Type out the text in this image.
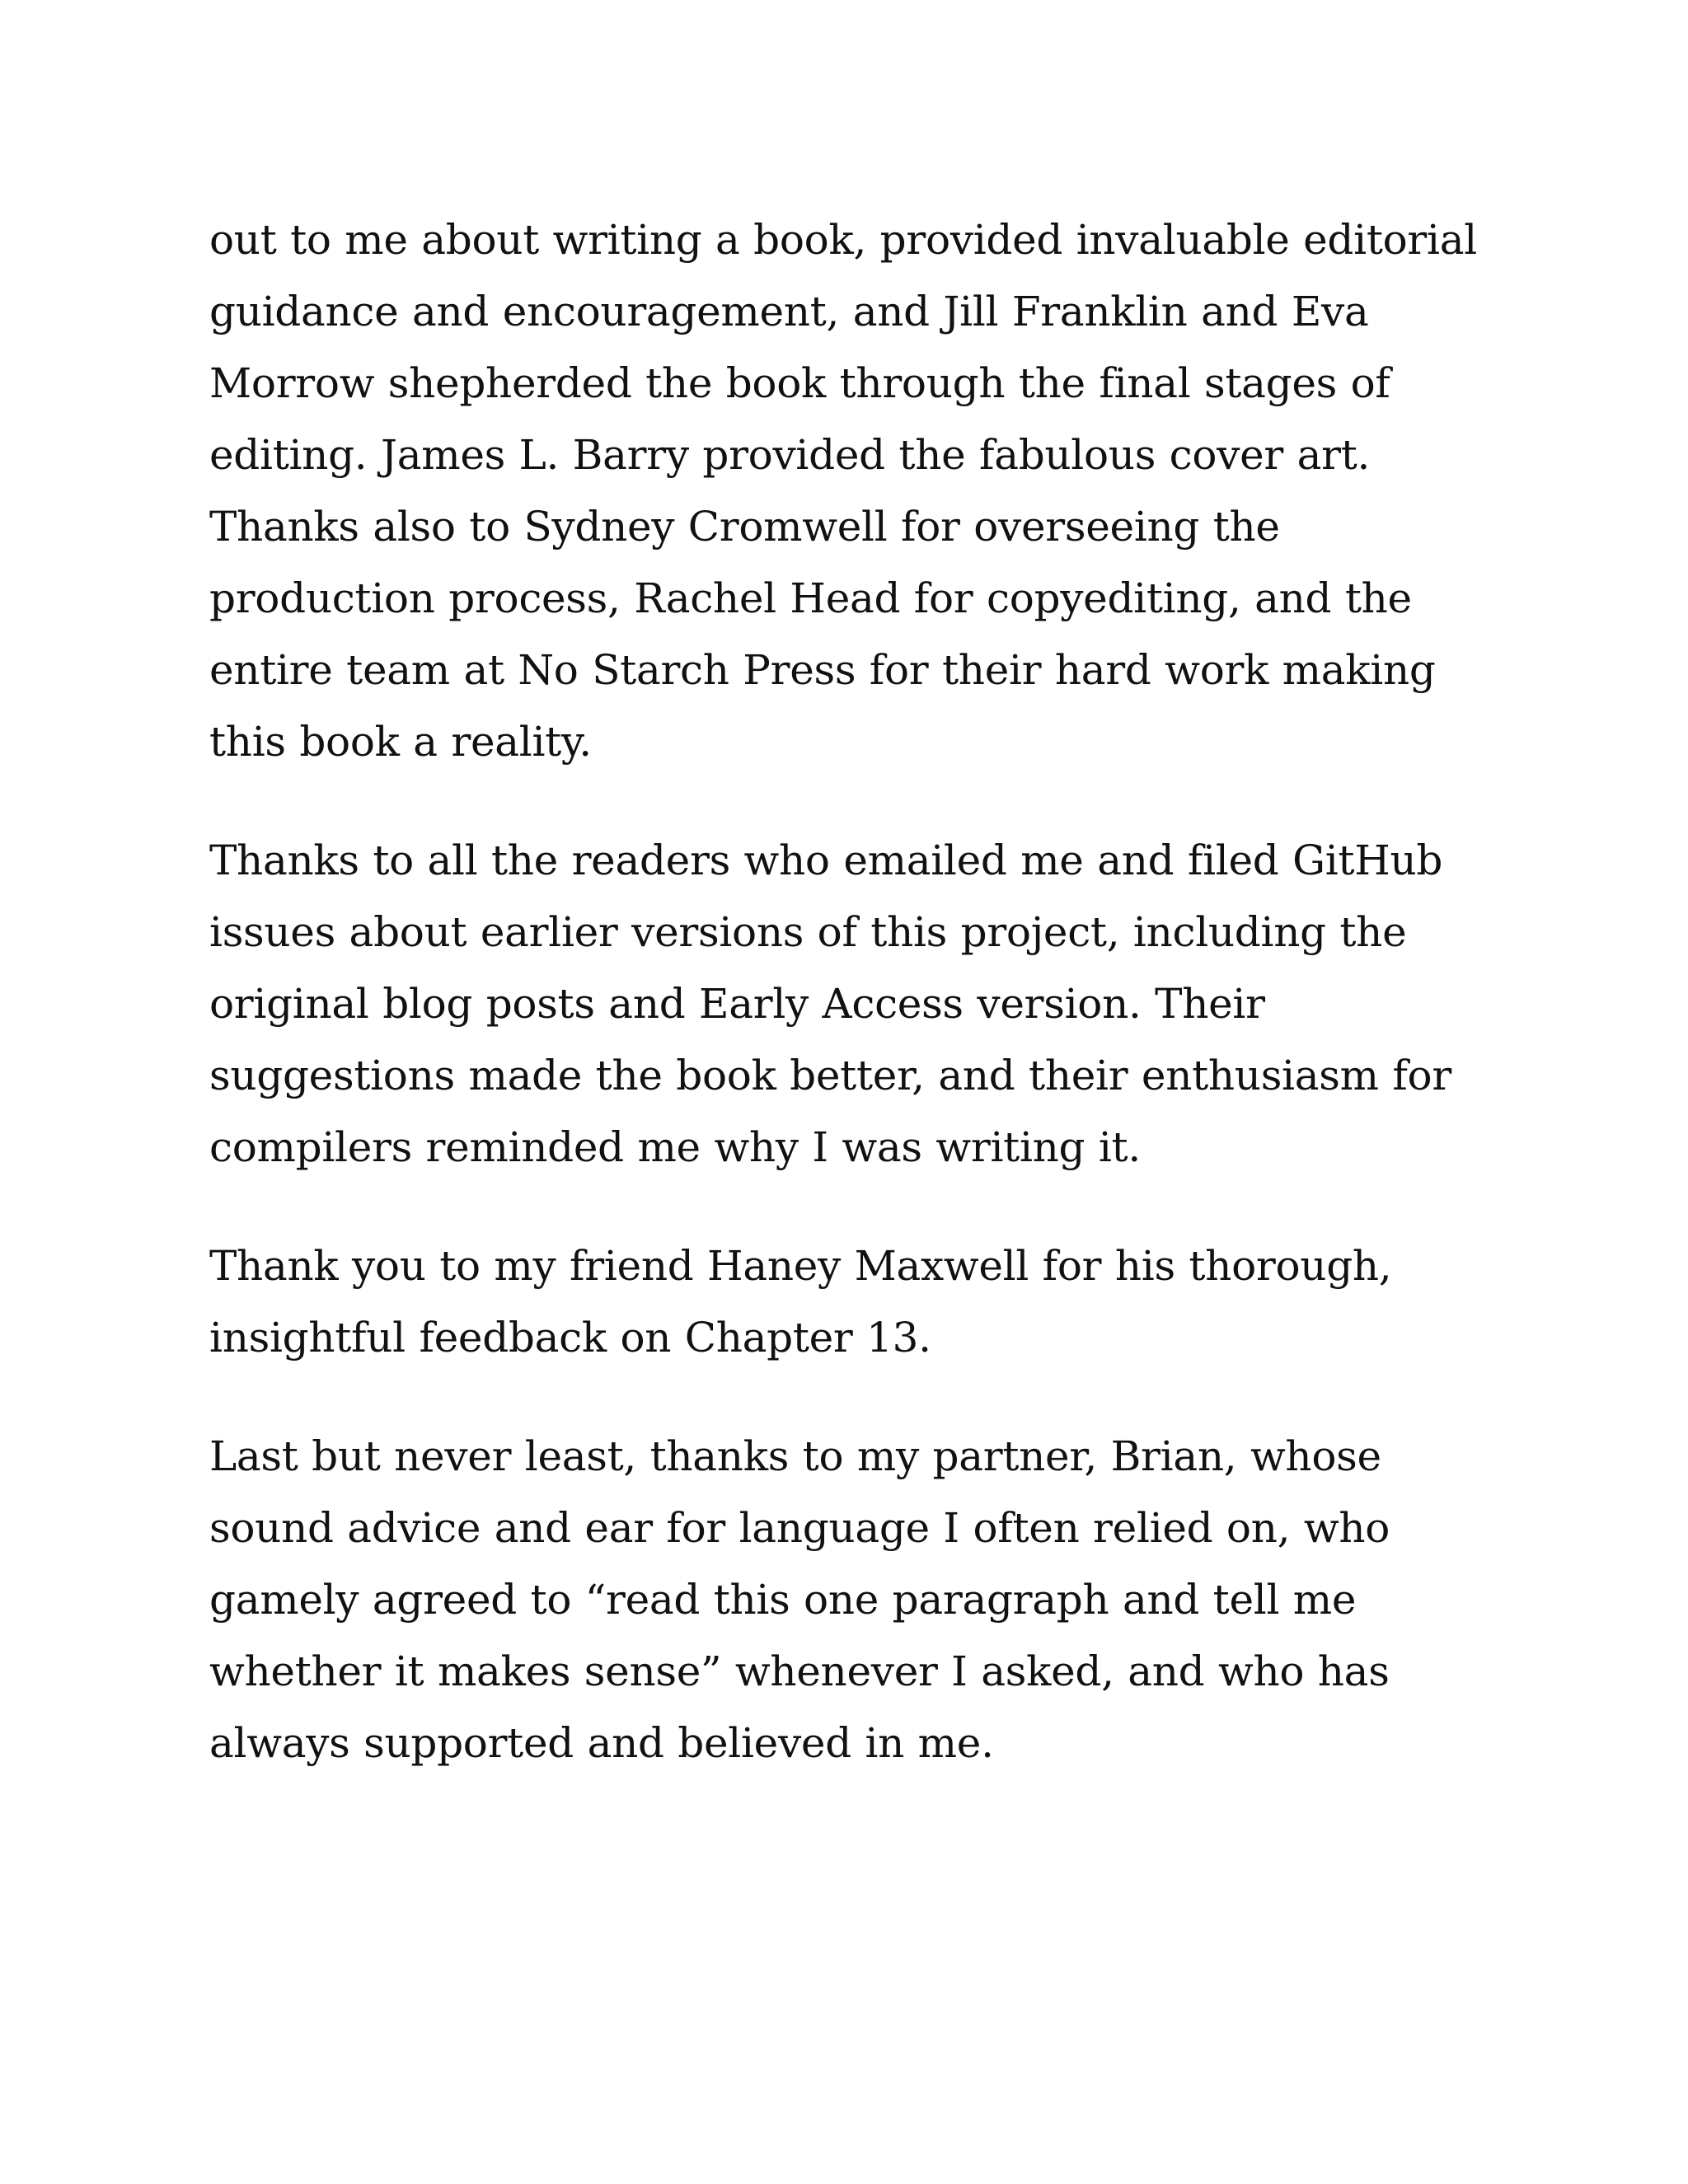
out to me about writing a book, provided invaluable editorial guidance and encouragement, and Jill Franklin and Eva Morrow shepherded the book through the final stages of editing. James L. Barry provided the fabulous cover art. Thanks also to Sydney Cromwell for overseeing the production process, Rachel Head for copyediting, and the entire team at No Starch Press for their hard work making this book a reality.

Thanks to all the readers who emailed me and filed GitHub issues about earlier versions of this project, including the original blog posts and Early Access version. Their suggestions made the book better, and their enthusiasm for compilers reminded me why I was writing it.

Thank you to my friend Haney Maxwell for his thorough, insightful feedback on Chapter 13.

Last but never least, thanks to my partner, Brian, whose sound advice and ear for language I often relied on, who gamely agreed to “read this one paragraph and tell me whether it makes sense” whenever I asked, and who has always supported and believed in me.
